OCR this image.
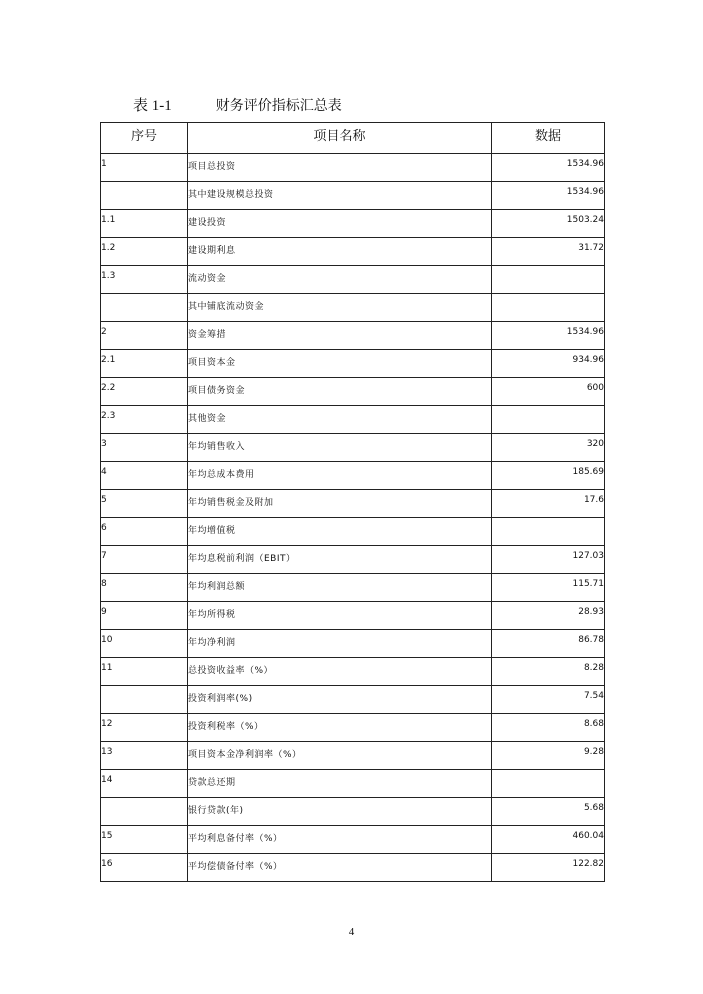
表 1-1	财务评价指标汇总表
序号	项目名称	数据
1	项目总投资	1534.96
	其中建设规模总投资	1534.96
1.1	建设投资	1503.24
1.2	建设期利息	31.72
1.3	流动资金	
	其中铺底流动资金	
2	资金筹措	1534.96
2.1	项目资本金	934.96
2.2	项目债务资金	600
2.3	其他资金	
3	年均销售收入	320
4	年均总成本费用	185.69
5	年均销售税金及附加	17.6
6	年均增值税	
7	年均息税前利润（EBIT）	127.03
8	年均利润总额	115.71
9	年均所得税	28.93
10	年均净利润	86.78
11	总投资收益率（%）	8.28
	投资利润率(%)	7.54
12	投资利税率（%）	8.68
13	项目资本金净利润率（%）	9.28
14	贷款总还期	
	银行贷款(年)	5.68
15	平均利息备付率（%）	460.04
16	平均偿债备付率（%）	122.82
4
